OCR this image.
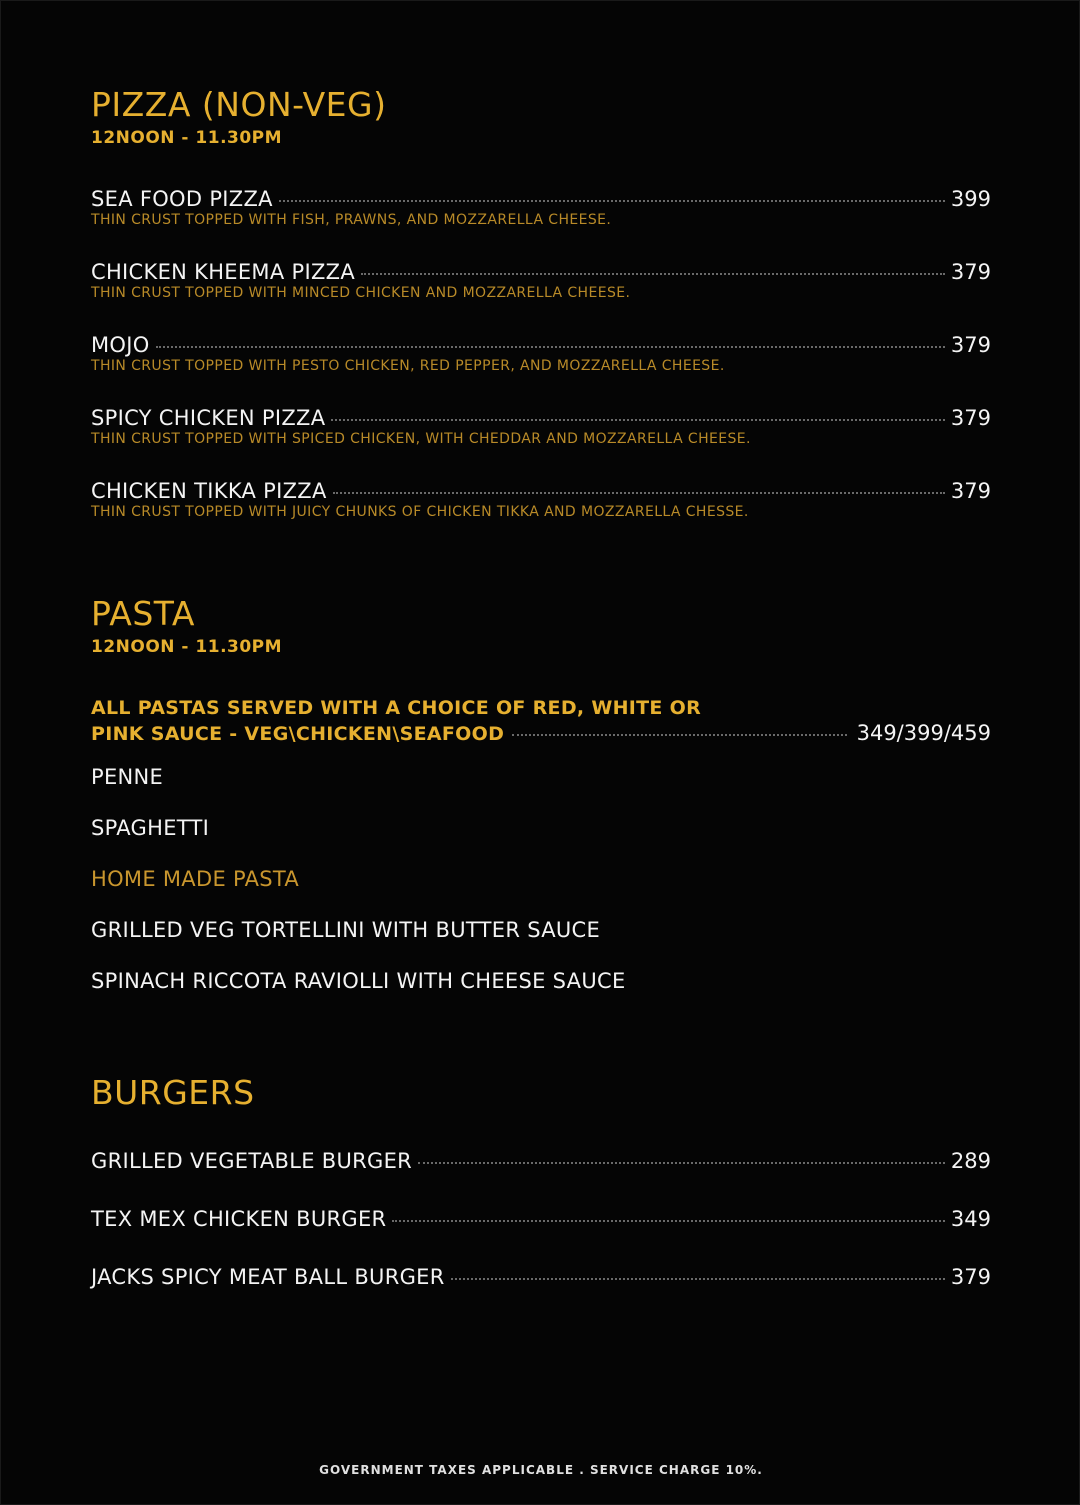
PIZZA (NON-VEG)
12NOON - 11.30PM
SEA FOOD PIZZA	399
THIN CRUST TOPPED WITH FISH, PRAWNS, AND MOZZARELLA CHEESE.
CHICKEN KHEEMA PIZZA	379
THIN CRUST TOPPED WITH MINCED CHICKEN AND MOZZARELLA CHEESE.
MOJO	379
THIN CRUST TOPPED WITH PESTO CHICKEN, RED PEPPER, AND MOZZARELLA CHEESE.
SPICY CHICKEN PIZZA	379
THIN CRUST TOPPED WITH SPICED CHICKEN, WITH CHEDDAR AND MOZZARELLA CHEESE.
CHICKEN TIKKA PIZZA	379
THIN CRUST TOPPED WITH JUICY CHUNKS OF CHICKEN TIKKA AND MOZZARELLA CHESSE.
PASTA
12NOON - 11.30PM
ALL PASTAS SERVED WITH A CHOICE OF RED, WHITE OR
PINK SAUCE - VEG\CHICKEN\SEAFOOD	349/399/459
PENNE
SPAGHETTI
HOME MADE PASTA
GRILLED VEG TORTELLINI WITH BUTTER SAUCE
SPINACH RICCOTA RAVIOLLI WITH CHEESE SAUCE
BURGERS
GRILLED VEGETABLE BURGER	289
TEX MEX CHICKEN BURGER	349
JACKS SPICY MEAT BALL BURGER	379
GOVERNMENT TAXES APPLICABLE . SERVICE CHARGE 10%.
